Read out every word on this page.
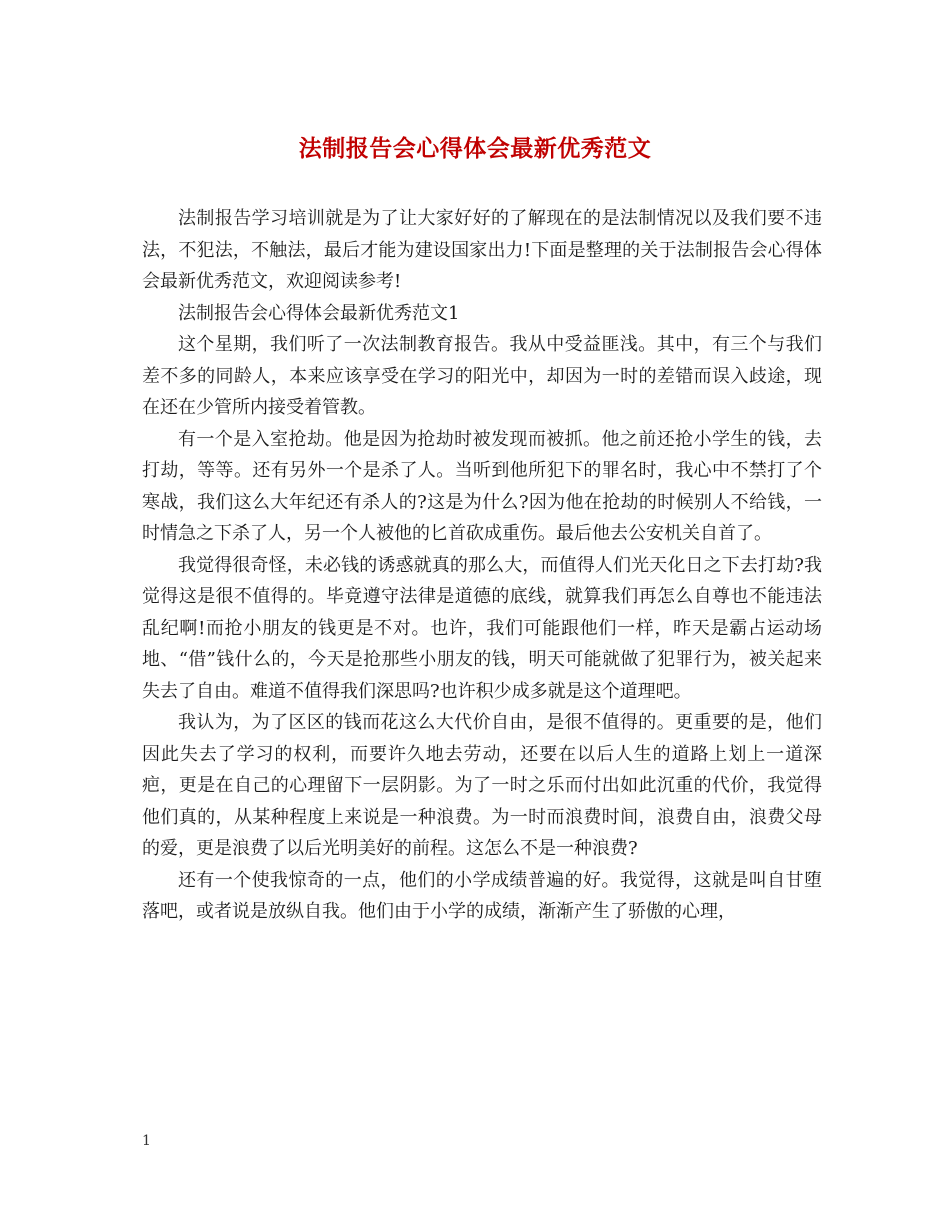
法制报告会心得体会最新优秀范文

法制报告学习培训就是为了让大家好好的了解现在的是法制情况以及我们要不违法，不犯法，不触法，最后才能为建设国家出力!下面是整理的关于法制报告会心得体会最新优秀范文，欢迎阅读参考!

法制报告会心得体会最新优秀范文1

这个星期，我们听了一次法制教育报告。我从中受益匪浅。其中，有三个与我们差不多的同龄人，本来应该享受在学习的阳光中，却因为一时的差错而误入歧途，现在还在少管所内接受着管教。

有一个是入室抢劫。他是因为抢劫时被发现而被抓。他之前还抢小学生的钱，去打劫，等等。还有另外一个是杀了人。当听到他所犯下的罪名时，我心中不禁打了个寒战，我们这么大年纪还有杀人的?这是为什么?因为他在抢劫的时候别人不给钱，一时情急之下杀了人，另一个人被他的匕首砍成重伤。最后他去公安机关自首了。

我觉得很奇怪，未必钱的诱惑就真的那么大，而值得人们光天化日之下去打劫?我觉得这是很不值得的。毕竟遵守法律是道德的底线，就算我们再怎么自尊也不能违法乱纪啊!而抢小朋友的钱更是不对。也许，我们可能跟他们一样，昨天是霸占运动场地、“借”钱什么的，今天是抢那些小朋友的钱，明天可能就做了犯罪行为，被关起来失去了自由。难道不值得我们深思吗?也许积少成多就是这个道理吧。

我认为，为了区区的钱而花这么大代价自由，是很不值得的。更重要的是，他们因此失去了学习的权利，而要许久地去劳动，还要在以后人生的道路上划上一道深疤，更是在自己的心理留下一层阴影。为了一时之乐而付出如此沉重的代价，我觉得他们真的，从某种程度上来说是一种浪费。为一时而浪费时间，浪费自由，浪费父母的爱，更是浪费了以后光明美好的前程。这怎么不是一种浪费?

还有一个使我惊奇的一点，他们的小学成绩普遍的好。我觉得，这就是叫自甘堕落吧，或者说是放纵自我。他们由于小学的成绩，渐渐产生了骄傲的心理，

1
